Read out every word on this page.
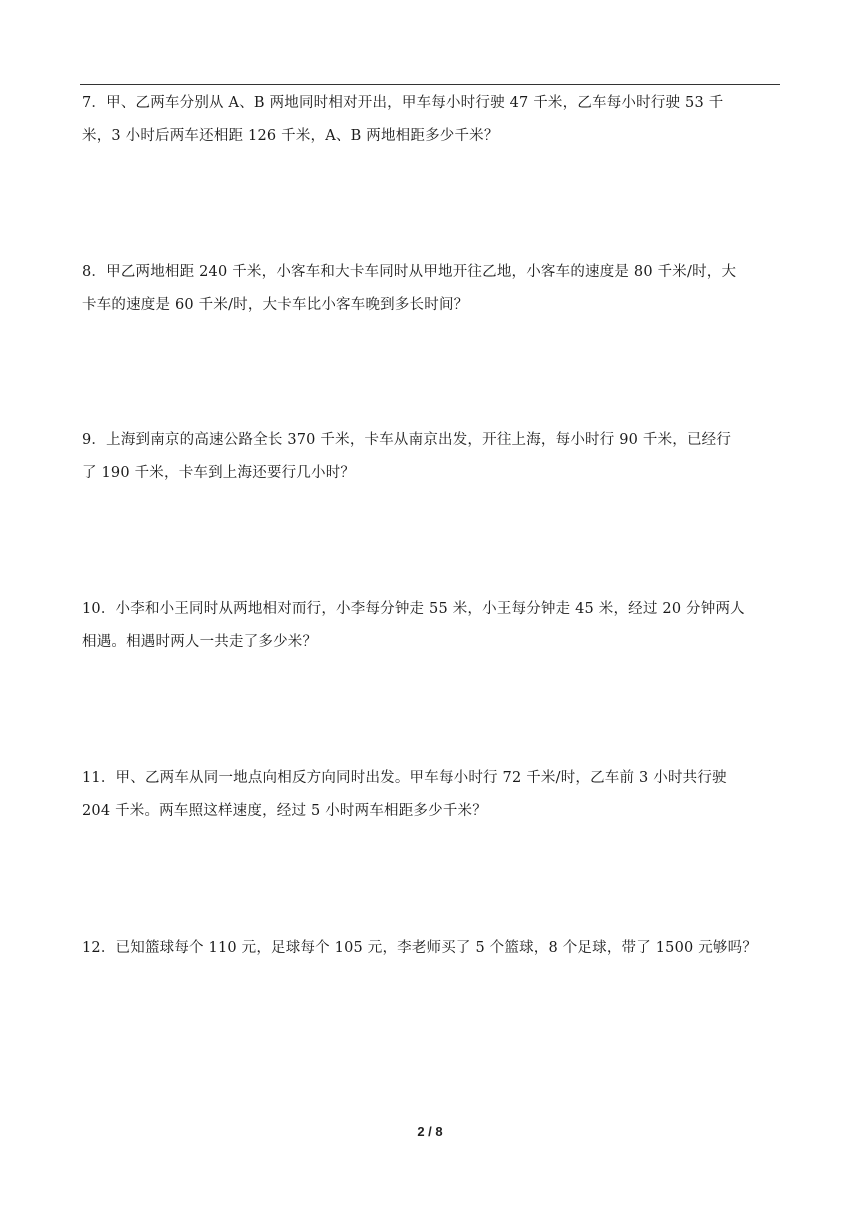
7．甲、乙两车分别从 A、B 两地同时相对开出，甲车每小时行驶 47 千米，乙车每小时行驶 53 千
米，3 小时后两车还相距 126 千米，A、B 两地相距多少千米？
8．甲乙两地相距 240 千米，小客车和大卡车同时从甲地开往乙地，小客车的速度是 80 千米/时，大
卡车的速度是 60 千米/时，大卡车比小客车晚到多长时间？
9．上海到南京的高速公路全长 370 千米，卡车从南京出发，开往上海，每小时行 90 千米，已经行
了 190 千米，卡车到上海还要行几小时？
10．小李和小王同时从两地相对而行，小李每分钟走 55 米，小王每分钟走 45 米，经过 20 分钟两人
相遇。相遇时两人一共走了多少米？
11．甲、乙两车从同一地点向相反方向同时出发。甲车每小时行 72 千米/时，乙车前 3 小时共行驶
204 千米。两车照这样速度，经过 5 小时两车相距多少千米？
12．已知篮球每个 110 元，足球每个 105 元，李老师买了 5 个篮球，8 个足球，带了 1500 元够吗？
2 / 8
